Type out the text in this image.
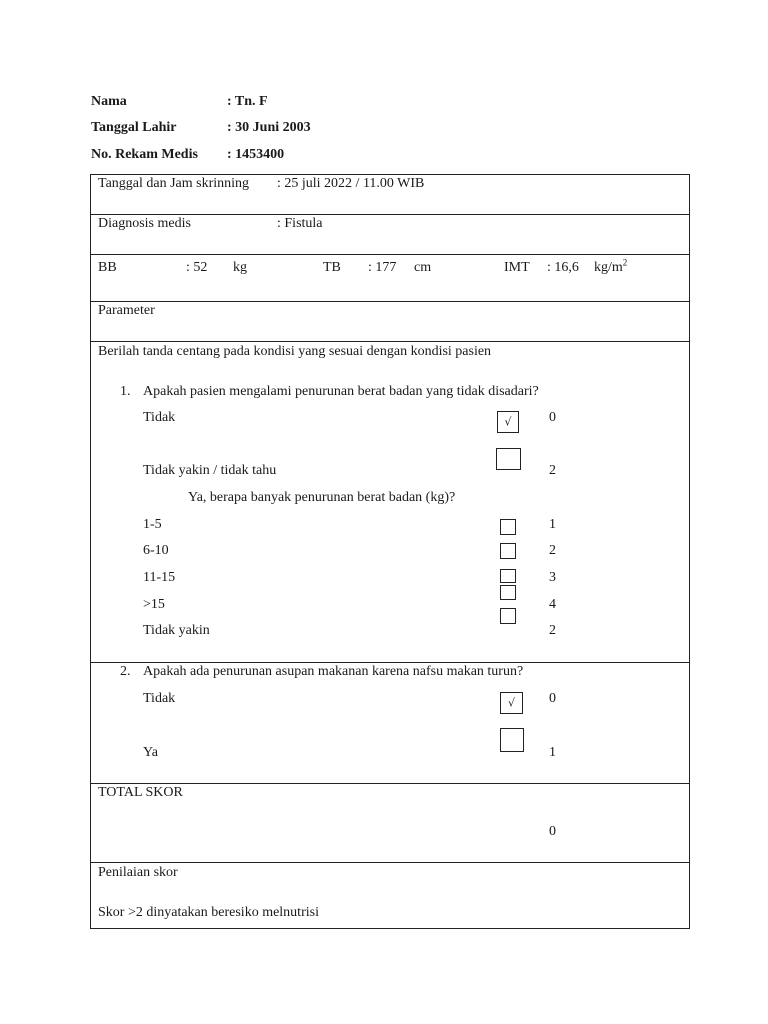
Nama	: Tn. F
Tanggal Lahir	: 30 Juni 2003
No. Rekam Medis : 1453400
Tanggal dan Jam skrinning : 25 juli 2022 / 11.00 WIB
Diagnosis medis	: Fistula
BB	: 52 kg	TB : 177 cm	IMT : 16,6 $kg/m^2$
Parameter
Berilah tanda centang pada kondisi yang sesuai dengan kondisi pasien
1. Apakah pasien mengalami penurunan berat badan yang tidak disadari?
Tidak	√	0
Tidak yakin / tidak tahu	2
Ya, berapa banyak penurunan berat badan (kg)?
1-5	1
6-10	2
11-15	3
>15	4
Tidak yakin	2
2. Apakah ada penurunan asupan makanan karena nafsu makan turun?
Tidak	√	0
Ya	1
TOTAL SKOR
0
Penilaian skor
Skor >2 dinyatakan beresiko melnutrisi
